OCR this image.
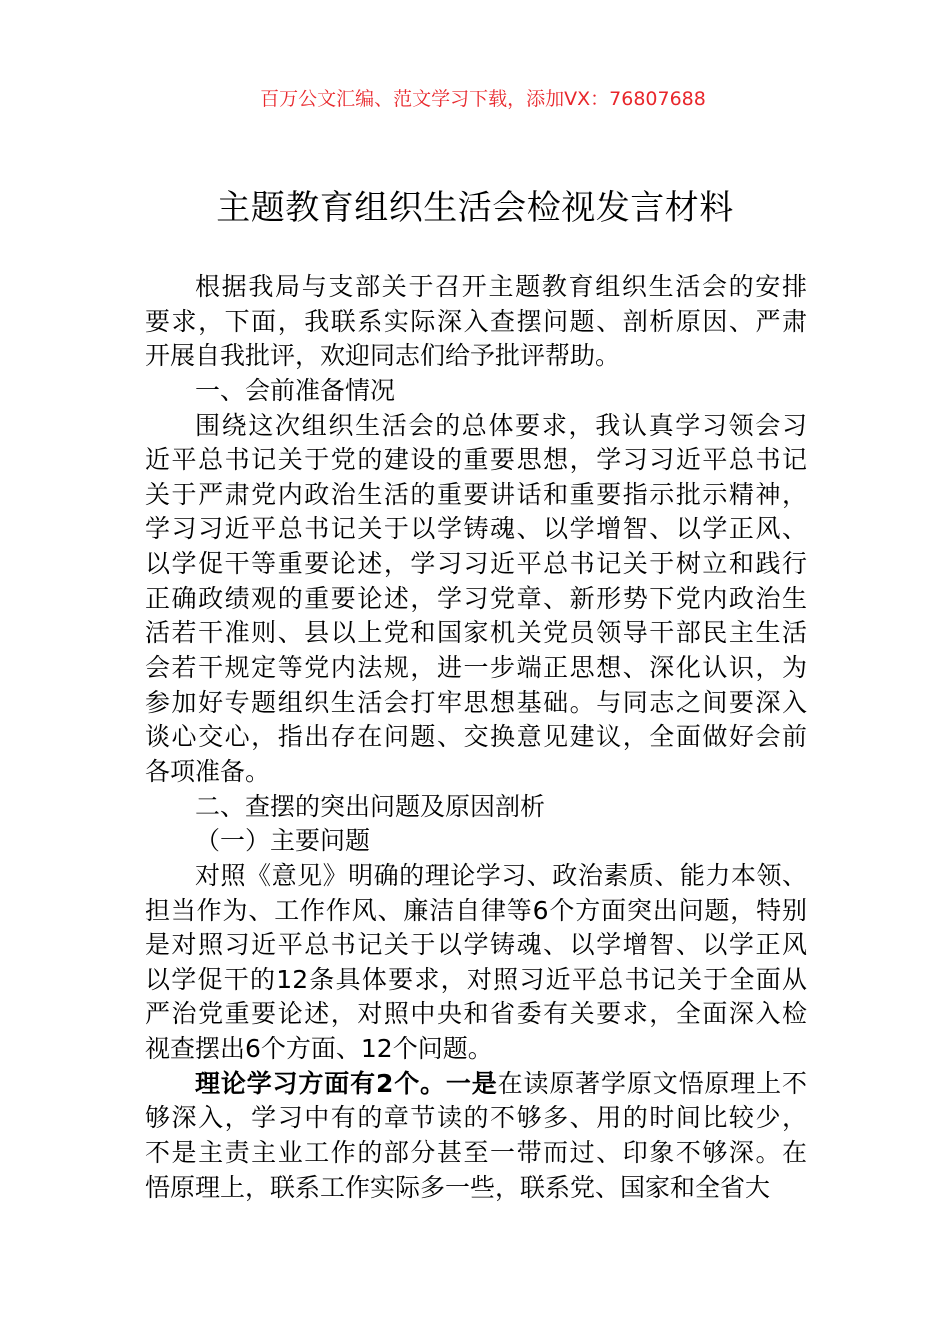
百万公文汇编、范文学习下载，添加VX：76807688
主题教育组织生活会检视发言材料
根据我局与支部关于召开主题教育组织生活会的安排
要求，下面，我联系实际深入查摆问题、剖析原因、严肃
开展自我批评，欢迎同志们给予批评帮助。
一、会前准备情况
围绕这次组织生活会的总体要求，我认真学习领会习
近平总书记关于党的建设的重要思想，学习习近平总书记
关于严肃党内政治生活的重要讲话和重要指示批示精神，
学习习近平总书记关于以学铸魂、以学增智、以学正风、
以学促干等重要论述，学习习近平总书记关于树立和践行
正确政绩观的重要论述，学习党章、新形势下党内政治生
活若干准则、县以上党和国家机关党员领导干部民主生活
会若干规定等党内法规，进一步端正思想、深化认识，为
参加好专题组织生活会打牢思想基础。与同志之间要深入
谈心交心，指出存在问题、交换意见建议，全面做好会前
各项准备。
二、查摆的突出问题及原因剖析
（一）主要问题
对照《意见》明确的理论学习、政治素质、能力本领、
担当作为、工作作风、廉洁自律等6个方面突出问题，特别
是对照习近平总书记关于以学铸魂、以学增智、以学正风
以学促干的12条具体要求，对照习近平总书记关于全面从
严治党重要论述，对照中央和省委有关要求，全面深入检
视查摆出6个方面、12个问题。
理论学习方面有2个。一是在读原著学原文悟原理上不
够深入，学习中有的章节读的不够多、用的时间比较少，
不是主责主业工作的部分甚至一带而过、印象不够深。在
悟原理上，联系工作实际多一些，联系党、国家和全省大
